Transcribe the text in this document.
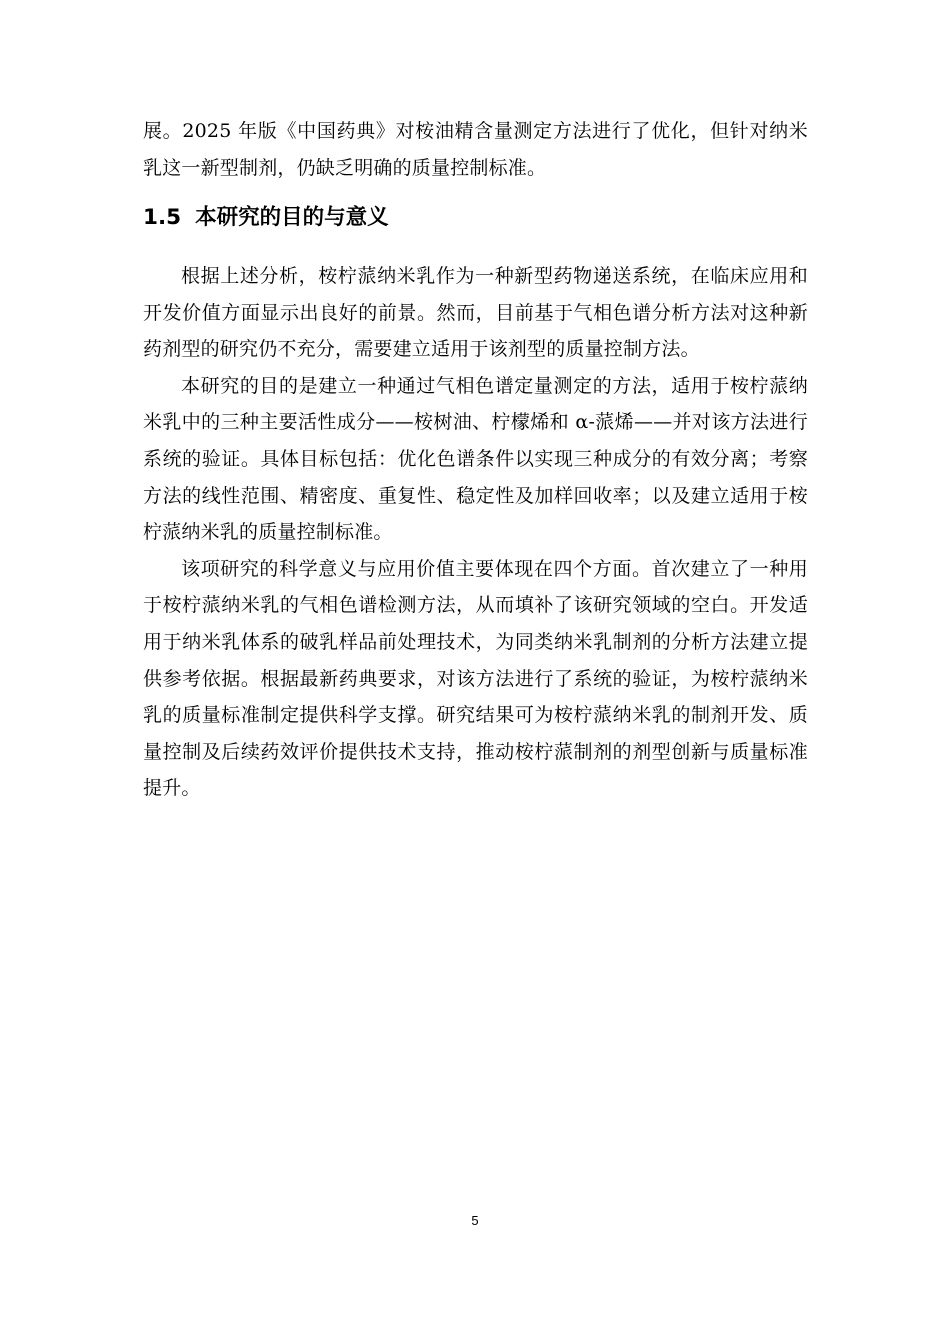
展。2025 年版《中国药典》对桉油精含量测定方法进行了优化，但针对纳米乳这一新型制剂，仍缺乏明确的质量控制标准。

1.5 本研究的目的与意义

根据上述分析，桉柠蒎纳米乳作为一种新型药物递送系统，在临床应用和开发价值方面显示出良好的前景。然而，目前基于气相色谱分析方法对这种新药剂型的研究仍不充分，需要建立适用于该剂型的质量控制方法。

本研究的目的是建立一种通过气相色谱定量测定的方法，适用于桉柠蒎纳米乳中的三种主要活性成分——桉树油、柠檬烯和 α-蒎烯——并对该方法进行系统的验证。具体目标包括：优化色谱条件以实现三种成分的有效分离；考察方法的线性范围、精密度、重复性、稳定性及加样回收率；以及建立适用于桉柠蒎纳米乳的质量控制标准。

该项研究的科学意义与应用价值主要体现在四个方面。首次建立了一种用于桉柠蒎纳米乳的气相色谱检测方法，从而填补了该研究领域的空白。开发适用于纳米乳体系的破乳样品前处理技术，为同类纳米乳制剂的分析方法建立提供参考依据。根据最新药典要求，对该方法进行了系统的验证，为桉柠蒎纳米乳的质量标准制定提供科学支撑。研究结果可为桉柠蒎纳米乳的制剂开发、质量控制及后续药效评价提供技术支持，推动桉柠蒎制剂的剂型创新与质量标准提升。

5
